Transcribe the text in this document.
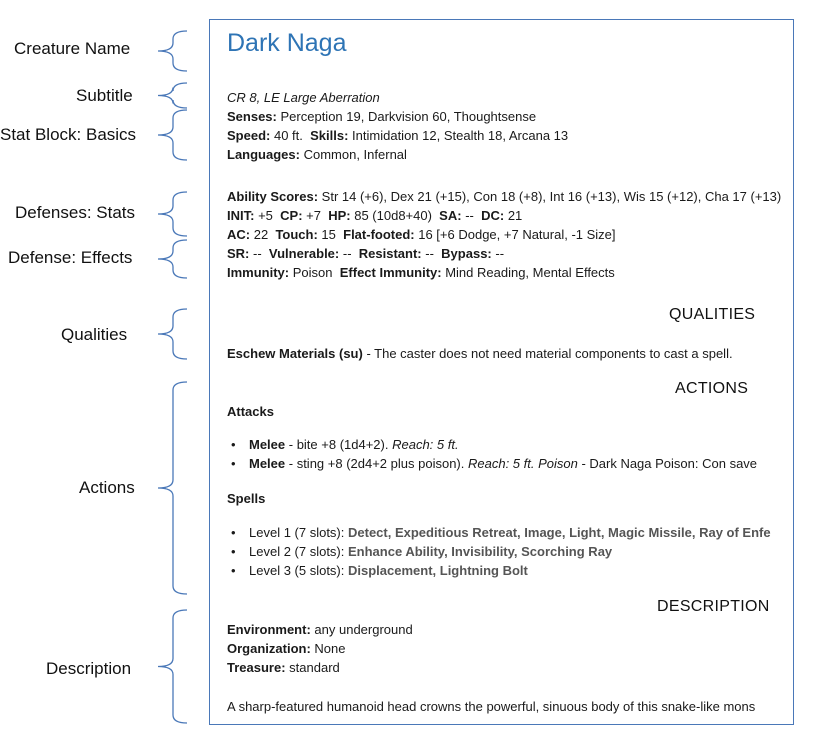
Creature Name
Subtitle
Stat Block: Basics
Defenses: Stats
Defense: Effects
Qualities
Actions
Description
Dark Naga
CR 8, LE Large Aberration
Senses: Perception 19, Darkvision 60, Thoughtsense
Speed: 40 ft. Skills: Intimidation 12, Stealth 18, Arcana 13
Languages: Common, Infernal
Ability Scores: Str 14 (+6), Dex 21 (+15), Con 18 (+8), Int 16 (+13), Wis 15 (+12), Cha 17 (+13)
INIT: +5 CP: +7 HP: 85 (10d8+40) SA: -- DC: 21
AC: 22 Touch: 15 Flat-footed: 16 [+6 Dodge, +7 Natural, -1 Size]
SR: -- Vulnerable: -- Resistant: -- Bypass: --
Immunity: Poison Effect Immunity: Mind Reading, Mental Effects
QUALITIES
Eschew Materials (su) - The caster does not need material components to cast a spell.
ACTIONS
Attacks
• Melee - bite +8 (1d4+2). Reach: 5 ft.
• Melee - sting +8 (2d4+2 plus poison). Reach: 5 ft. Poison - Dark Naga Poison: Con save
Spells
• Level 1 (7 slots): Detect, Expeditious Retreat, Image, Light, Magic Missile, Ray of Enfe
• Level 2 (7 slots): Enhance Ability, Invisibility, Scorching Ray
• Level 3 (5 slots): Displacement, Lightning Bolt
DESCRIPTION
Environment: any underground
Organization: None
Treasure: standard
A sharp-featured humanoid head crowns the powerful, sinuous body of this snake-like mons
